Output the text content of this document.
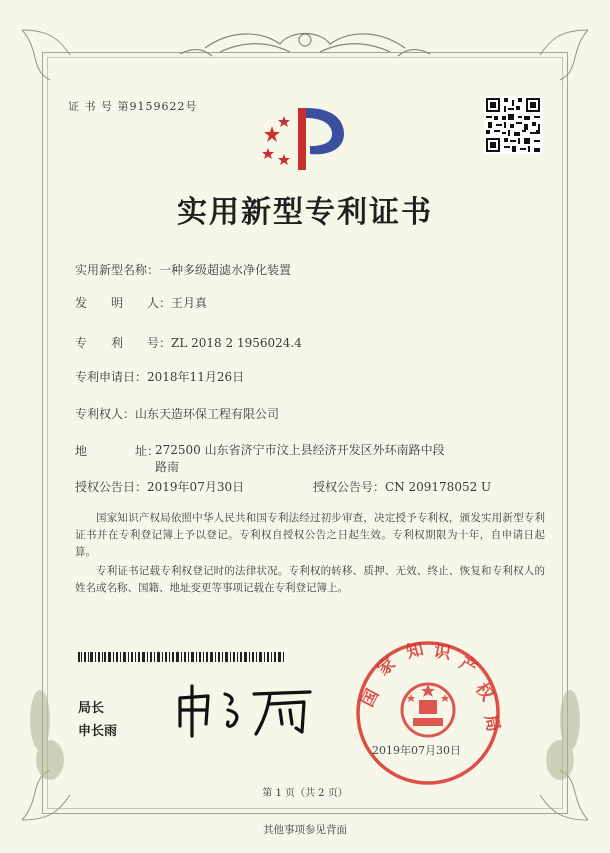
证 书 号 第9159622号
实用新型专利证书
实用新型名称：一种多级超滤水净化装置
发　　明　　人：王月真
专　　利　　号：ZL 2018 2 1956024.4
专利申请日：2018年11月26日
专利权人：山东天造环保工程有限公司
地　　　　址：
272500 山东省济宁市汶上县经济开发区外环南路中段路南
授权公告日：2019年07月30日	授权公告号：CN 209178052 U
国家知识产权局依照中华人民共和国专利法经过初步审查，决定授予专利权，颁发实用新型专利证书并在专利登记簿上予以登记。专利权自授权公告之日起生效。专利权期限为十年，自申请日起算。
专利证书记载专利权登记时的法律状况。专利权的转移、质押、无效、终止、恢复和专利权人的姓名或名称、国籍、地址变更等事项记载在专利登记簿上。
局长
申长雨
国
家
知 识
产
权
局
2019年07月30日
第 1 页（共 2 页）
其他事项参见背面
